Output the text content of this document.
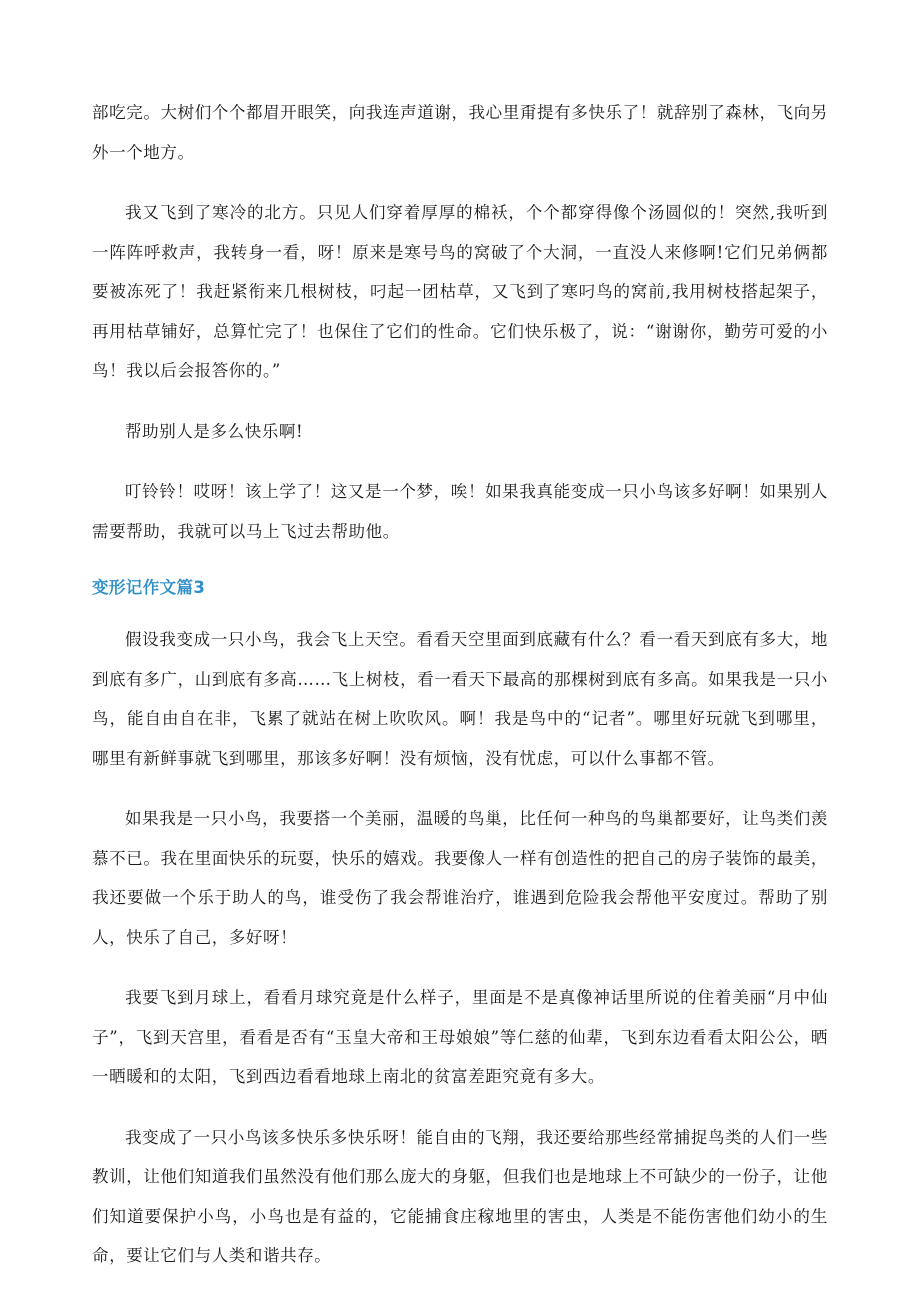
部吃完。大树们个个都眉开眼笑，向我连声道谢，我心里甭提有多快乐了！就辞别了森林，飞向另外一个地方。

我又飞到了寒冷的北方。只见人们穿着厚厚的棉袄，个个都穿得像个汤圆似的！突然,我听到一阵阵呼救声，我转身一看，呀！原来是寒号鸟的窝破了个大洞，一直没人来修啊!它们兄弟俩都要被冻死了！我赶紧衔来几根树枝，叼起一团枯草，又飞到了寒叼鸟的窝前,我用树枝搭起架子，再用枯草铺好，总算忙完了！也保住了它们的性命。它们快乐极了，说：“谢谢你，勤劳可爱的小鸟！我以后会报答你的。”

帮助别人是多么快乐啊!

叮铃铃！哎呀！该上学了！这又是一个梦，唉！如果我真能变成一只小鸟该多好啊！如果别人需要帮助，我就可以马上飞过去帮助他。

变形记作文篇3

假设我变成一只小鸟，我会飞上天空。看看天空里面到底藏有什么？看一看天到底有多大，地到底有多广，山到底有多高……飞上树枝，看一看天下最高的那棵树到底有多高。如果我是一只小鸟，能自由自在非，飞累了就站在树上吹吹风。啊！我是鸟中的“记者”。哪里好玩就飞到哪里，哪里有新鲜事就飞到哪里，那该多好啊！没有烦恼，没有忧虑，可以什么事都不管。

如果我是一只小鸟，我要搭一个美丽，温暖的鸟巢，比任何一种鸟的鸟巢都要好，让鸟类们羡慕不已。我在里面快乐的玩耍，快乐的嬉戏。我要像人一样有创造性的把自己的房子装饰的最美，我还要做一个乐于助人的鸟，谁受伤了我会帮谁治疗，谁遇到危险我会帮他平安度过。帮助了别人，快乐了自己，多好呀！

我要飞到月球上，看看月球究竟是什么样子，里面是不是真像神话里所说的住着美丽“月中仙子”，飞到天宫里，看看是否有“玉皇大帝和王母娘娘”等仁慈的仙辈，飞到东边看看太阳公公，晒一晒暖和的太阳，飞到西边看看地球上南北的贫富差距究竟有多大。

我变成了一只小鸟该多快乐多快乐呀！能自由的飞翔，我还要给那些经常捕捉鸟类的人们一些教训，让他们知道我们虽然没有他们那么庞大的身躯，但我们也是地球上不可缺少的一份子，让他们知道要保护小鸟，小鸟也是有益的，它能捕食庄稼地里的害虫，人类是不能伤害他们幼小的生命，要让它们与人类和谐共存。
